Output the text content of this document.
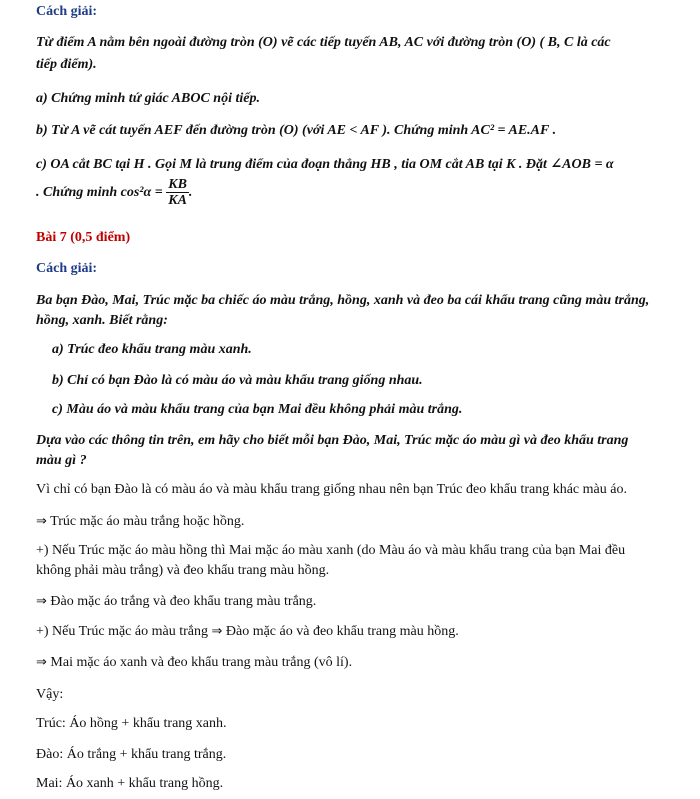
Cách giải:
Từ điểm A nằm bên ngoài đường tròn (O) vẽ các tiếp tuyến AB, AC với đường tròn (O) ( B, C là các
tiếp điểm).
a) Chứng minh tứ giác ABOC nội tiếp.
b) Từ A vẽ cát tuyến AEF đến đường tròn (O) (với AE < AF ). Chứng minh AC² = AE.AF .
c) OA cắt BC tại H . Gọi M là trung điểm của đoạn thẳng HB , tia OM cắt AB tại K . Đặt ∠AOB = α
. Chứng minh $\cos^2\alpha = \frac{KB}{KA}$ .
Bài 7 (0,5 điểm)
Cách giải:
Ba bạn Đào, Mai, Trúc mặc ba chiếc áo màu trắng, hồng, xanh và đeo ba cái khẩu trang cũng màu trắng,
hồng, xanh. Biết rằng:
a) Trúc đeo khẩu trang màu xanh.
b) Chỉ có bạn Đào là có màu áo và màu khẩu trang giống nhau.
c) Màu áo và màu khẩu trang của bạn Mai đều không phải màu trắng.
Dựa vào các thông tin trên, em hãy cho biết mỗi bạn Đào, Mai, Trúc mặc áo màu gì và đeo khẩu trang
màu gì ?
Vì chỉ có bạn Đào là có màu áo và màu khẩu trang giống nhau nên bạn Trúc đeo khẩu trang khác màu áo.
⇒ Trúc mặc áo màu trắng hoặc hồng.
+) Nếu Trúc mặc áo màu hồng thì Mai mặc áo màu xanh (do Màu áo và màu khẩu trang của bạn Mai đều
không phải màu trắng) và đeo khẩu trang màu hồng.
⇒ Đào mặc áo trắng và đeo khẩu trang màu trắng.
+) Nếu Trúc mặc áo màu trắng ⇒ Đào mặc áo và đeo khẩu trang màu hồng.
⇒ Mai mặc áo xanh và đeo khẩu trang màu trắng (vô lí).
Vậy:
Trúc: Áo hồng + khẩu trang xanh.
Đào: Áo trắng + khẩu trang trắng.
Mai: Áo xanh + khẩu trang hồng.
